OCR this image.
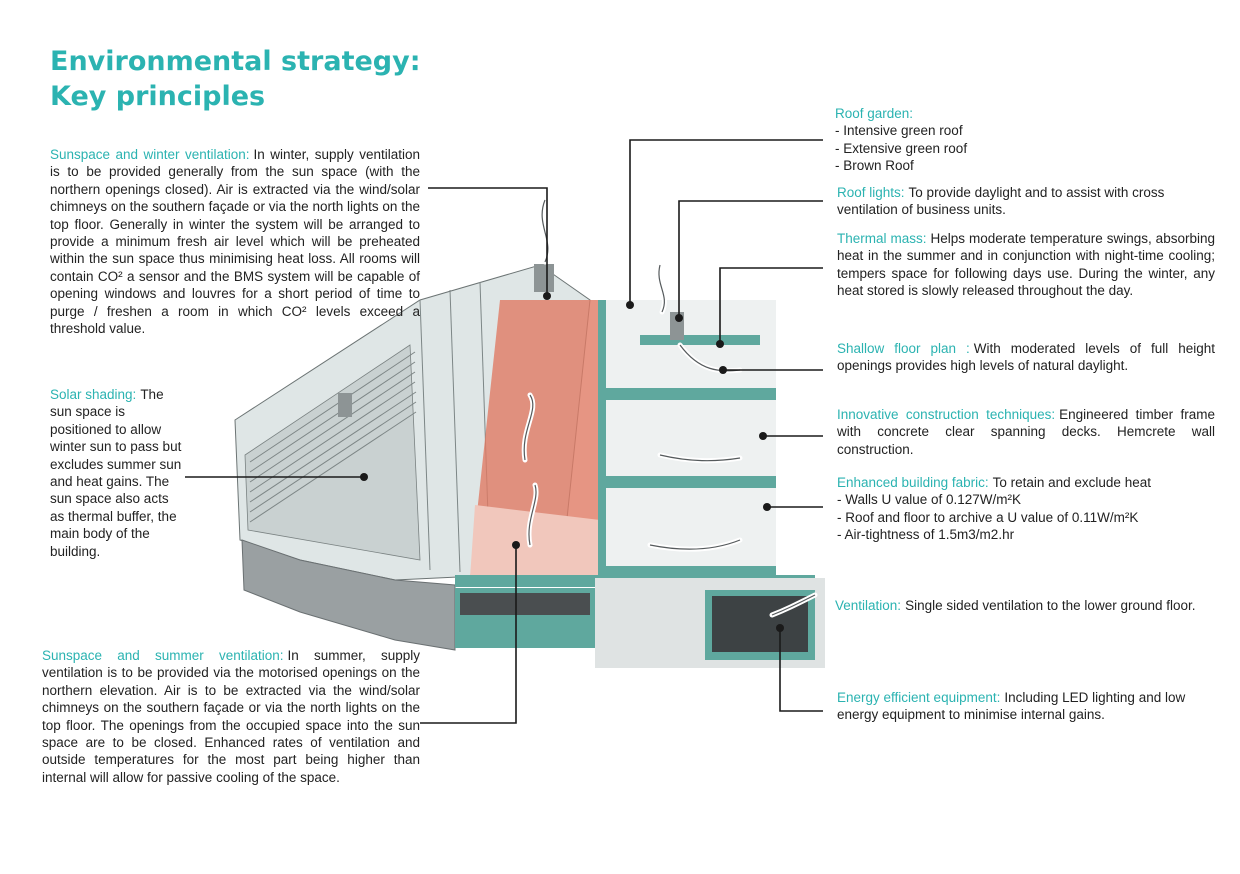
Environmental strategy:
Key principles

Sunspace and winter ventilation: In winter, supply ventilation is to be provided generally from the sun space (with the northern openings closed). Air is extracted via the wind/solar chimneys on the southern façade or via the north lights on the top floor. Generally in winter the system will be arranged to provide a minimum fresh air level which will be preheated within the sun space thus minimising heat loss. All rooms will contain CO² a sensor and the BMS system will be capable of opening windows and louvres for a short period of time to purge / freshen a room in which CO² levels exceed a threshold value.

Solar shading: The sun space is positioned to allow winter sun to pass but excludes summer sun and heat gains. The sun space also acts as thermal buffer, the main body of the building.

Sunspace and summer ventilation: In summer, supply ventilation is to be provided via the motorised openings on the northern elevation. Air is to be extracted via the wind/solar chimneys on the southern façade or via the north lights on the top floor. The openings from the occupied space into the sun space are to be closed. Enhanced rates of ventilation and outside temperatures for the most part being higher than internal will allow for passive cooling of the space.

Roof garden:
- Intensive green roof
- Extensive green roof
- Brown Roof

Roof lights: To provide daylight and to assist with cross ventilation of business units.

Thermal mass: Helps moderate temperature swings, absorbing heat in the summer and in conjunction with night-time cooling; tempers space for following days use. During the winter, any heat stored is slowly released throughout the day.

Shallow floor plan : With moderated levels of full height openings provides high levels of natural daylight.

Innovative construction techniques: Engineered timber frame with concrete clear spanning decks. Hemcrete wall construction.

Enhanced building fabric: To retain and exclude heat
- Walls U value of 0.127W/m²K
- Roof and floor to archive a U value of 0.11W/m²K
- Air-tightness of 1.5m3/m2.hr

Ventilation: Single sided ventilation to the lower ground floor.

Energy efficient equipment: Including LED lighting and low energy equipment to minimise internal gains.
